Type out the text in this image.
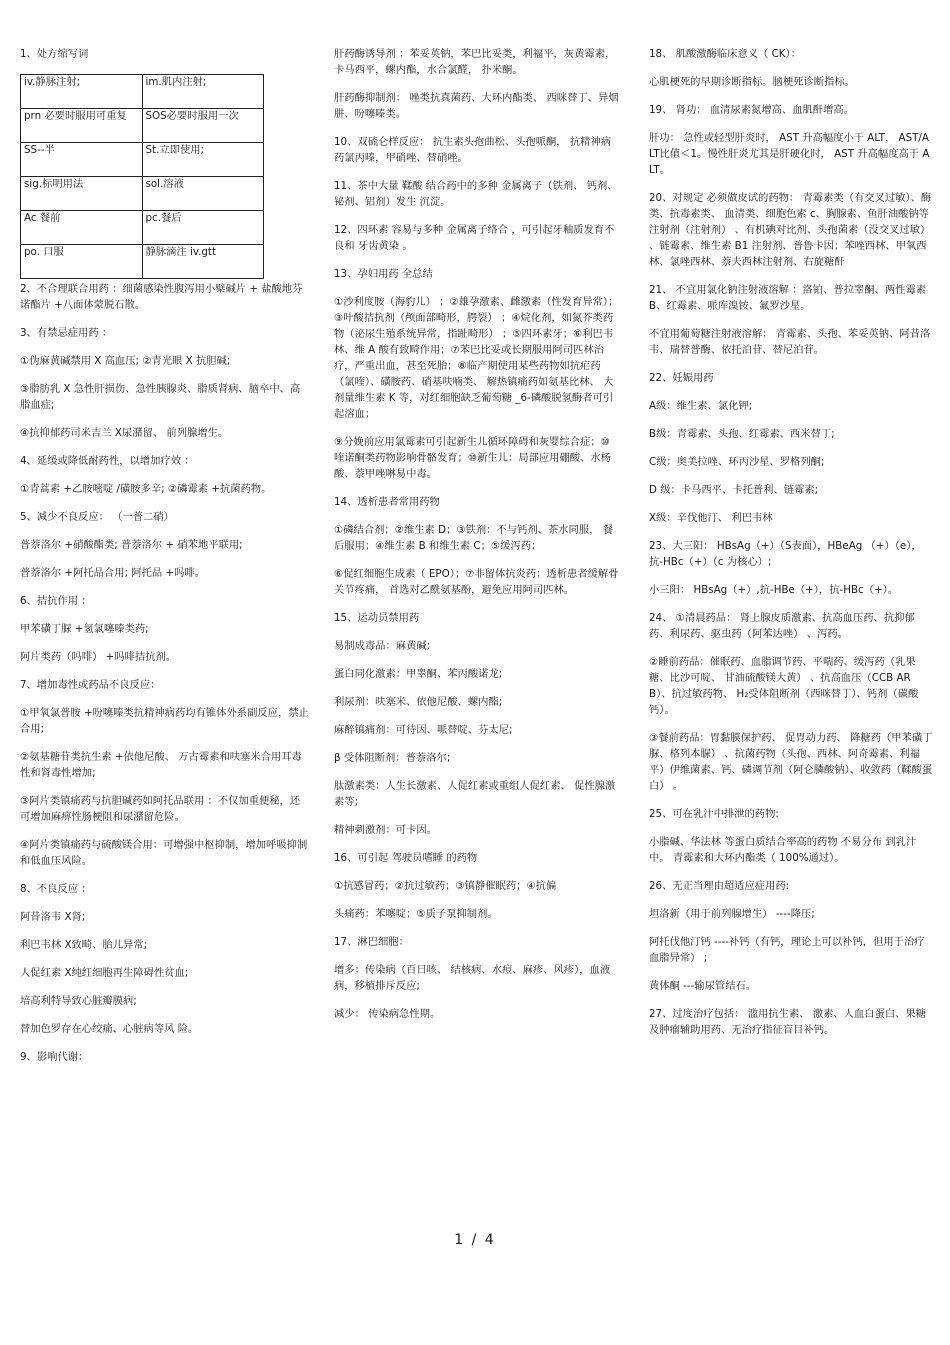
1、处方缩写词

iv.静脉注射;	im.肌内注射;
prn 必要时服用可重复	SOS必要时服用一次
SS--半	St.立即使用;
sig.标明用法	sol.溶液
Ac 餐前	pc.餐后
po. 口服	静脉滴注 iv.gtt

2、不合理联合用药 ：细菌感染性腹泻用小檗碱片 + 盐酸地芬诺酯片 +八面体蒙脱石散。

3、有禁忌症用药 ：

①伪麻黄碱禁用 X 高血压; ②青光眼 X 抗胆碱;

③脂肪乳 X 急性肝损伤、急性胰腺炎、脂质肾病、脑卒中、高脂血症;

④抗抑郁药司米吉兰 X尿潴留、 前列腺增生。

4、延缓或降低耐药性，以增加疗效 ：

①青蒿素 +乙胺嘧啶 /磺胺多辛; ②磷霉素 +抗菌药物。

5、减少不良反应： （一普二硝）

普萘洛尔 +硝酸酯类; 普萘洛尔 + 硝苯地平联用;

普萘洛尔 +阿托品合用; 阿托品 +吗啡。

6、拮抗作用 ：

甲苯磺丁脲 +氢氯噻嗪类药;

阿片类药（吗啡） +吗啡拮抗剂。

7、增加毒性或药品不良反应：

①甲氧氯普胺 +吩噻嗪类抗精神病药均有锥体外系副反应，禁止合用;

②氨基糖苷类抗生素 +依他尼酸、 万古霉素和呋塞米合用耳毒性和肾毒性增加;

③阿片类镇痛药与抗胆碱药如阿托品联用 ：不仅加重便秘，还可增加麻痹性肠梗阻和尿潴留危险。

④阿片类镇痛药与硫酸镁合用：可增强中枢抑制，增加呼吸抑制和低血压风险。

8、不良反应 ：

阿昔洛韦 X肾;

利巴韦林 X致畸、胎儿异常;

人促红素 X纯红细胞再生障碍性贫血;

培高利特导致心脏瓣膜病;

替加色罗存在心绞痛、心脏病等风 险。

9、影响代谢：

肝药酶诱导剂 ：苯妥英钠，苯巴比妥类，利福平，灰黄霉素，卡马西平，螺内酯，水合氯醛， 扑米酮。

肝药酶抑制剂： 唑类抗真菌药、大环内酯类、 西咪替丁、异烟肼、吩噻嗪类。

10、双硫仑样反应： 抗生素头孢曲松、头孢哌酮， 抗精神病药氯丙嗪，甲硝唑、替硝唑。

11、茶中大量 鞣酸 结合药中的多种 金属离子（铁剂、 钙剂、铋剂、铝剂）发生 沉淀。

12、四环素 容易与多种 金属离子络合 ，可引起牙釉质发育不良和 牙齿黄染 。

13、孕妇用药 全总结

①沙利度胺（海豹儿） ；②雄孕激素、雌激素（性发育异常）；③叶酸拮抗剂（颅面部畸形，腭裂） ；④烷化剂，如氮芥类药物（泌尿生殖系统异常，指趾畸形） ；⑤四环素牙；⑥利巴韦林、维 A 酸有致畸作用；⑦苯巴比妥或长期服用阿司匹林治疗，严重出血，甚至死胎；⑧临产期使用某些药物如抗疟药 （氯喹）、磺胺药、硝基呋喃类、 解热镇痛药如氨基比林、 大剂量维生素 K 等，对红细胞缺乏葡萄糖 _6-磷酸脱氢酶者可引起溶血；

⑨分娩前应用氯霉素可引起新生儿循环障碍和灰婴综合症；⑩喹诺酮类药物影响骨骼发育；⑩新生儿：局部应用硼酸、水杨酸、萘甲唑啉易中毒。

14、透析患者常用药物

①磷结合剂；②维生素 D；③铁剂：不与钙剂、茶水同服， 餐后服用；④维生素 B 和维生素 C；⑤缓泻药；

⑥促红细胞生成素（ EPO）；⑦非留体抗炎药：透析患者缓解骨关节疼痛， 首选对乙酰氨基酚，避免应用阿司匹林。

15、运动员禁用药

易制成毒品：麻黄碱;

蛋白同化激素：甲睾酮、苯丙酸诺龙;

利尿剂：呋塞米、依他尼酸、螺内酯;

麻醉镇痛剂：可待因、哌替啶、芬太尼;

β 受体阻断剂：普萘洛尔;

肽激素类：人生长激素、人促红素或重组人促红素、 促性腺激素等;

精神刺激剂：可卡因。

16、可引起 驾驶员嗜睡 的药物

①抗感冒药；②抗过敏药；③镇静催眠药；④抗偏

头痛药：苯噻啶；⑤质子泵抑制剂。

17、淋巴细胞：

增多：传染病（百日咳、 结核病、水痘、麻疹、风疹），血液病，移植排斥反应;

减少： 传染病急性期。

18、 肌酸激酶临床意义（ CK）：

心肌梗死的早期诊断指标。脑梗死诊断指标。

19、 肾功： 血清尿素氮增高、血肌酐增高。

肝功： 急性或轻型肝炎时， AST 升高幅度小于 ALT， AST/ALT比值＜1。慢性肝炎尤其是肝硬化时， AST 升高幅度高于 ALT。

20、对规定 必须做皮试的药物： 青霉素类（有交叉过敏）、酶类、抗毒素类、 血清类、细胞色素 c、胸腺素、鱼肝油酸钠等注射剂（注射剂） 、有机碘对比剂、头孢菌素（没交叉过敏） 、链霉素、维生素 B1 注射剂、普鲁卡因；苯唑西林、甲氧西林、氯唑西林、萘夫西林注射剂、右旋糖酐

21、 不宜用氯化钠注射液溶解 ：洛铂、普拉睾酮、两性霉素 B、红霉素、哌库溴铵、氟罗沙星。

不宜用葡萄糖注射液溶解： 青霉素、头孢、苯妥英钠、阿昔洛韦、瑞替普酶、依托泊苷、替尼泊苷。

22、妊娠用药

A级：维生素、氯化钾;

B级：青霉素、头孢、红霉素、西米替丁;

C级：奥美拉唑、环丙沙星、罗格列酮;

D 级：卡马西平、卡托普利、链霉素;

X级：辛伐他汀、 利巴韦林

23、大三阳： HBsAg（+）（S表面），HBeAg （+）（e），抗-HBc（+）（c 为核心）;

小三阳： HBsAg（+）,抗-HBe（+），抗-HBc（+）。

24、 ①清晨药品： 肾上腺皮质激素、抗高血压药、抗抑郁药、利尿药、驱虫药（阿苯达唑） 、泻药。

②睡前药品：催眠药、血脂调节药、平喘药、缓泻药（乳果糖、比沙可啶、 甘油硫酸镁大黄） 、抗高血压（CCB ARB）、抗过敏药物、 H₂受体阻断剂（西咪替丁）、钙剂（碳酸钙）。

③餐前药品：胃黏膜保护药、 促胃动力药、 降糖药（甲苯磺丁脲、格列本脲） 、抗菌药物（头孢、西林、阿奇霉素、利福平）伊维菌素、钙、磷调节剂（阿仑膦酸钠）、收敛药（鞣酸蛋白） 。

25、可在乳汁中排泄的药物:

小脂碱、华法林 等蛋白质结合率高的药物 不易分布 到乳汁中。 青霉素和大环内酯类（ 100%通过）。

26、无正当理由超适应症用药:

坦洛新（用于前列腺增生） ----降压;

阿托伐他汀钙 ----补钙（有钙，理论上可以补钙，但用于治疗血脂异常） ;

黄体酮 ---输尿管结石。

27、过度治疗包括： 滥用抗生素、 激素、人血白蛋白、果糖及肿瘤辅助用药、无治疗指征盲目补钙。

1 / 4
